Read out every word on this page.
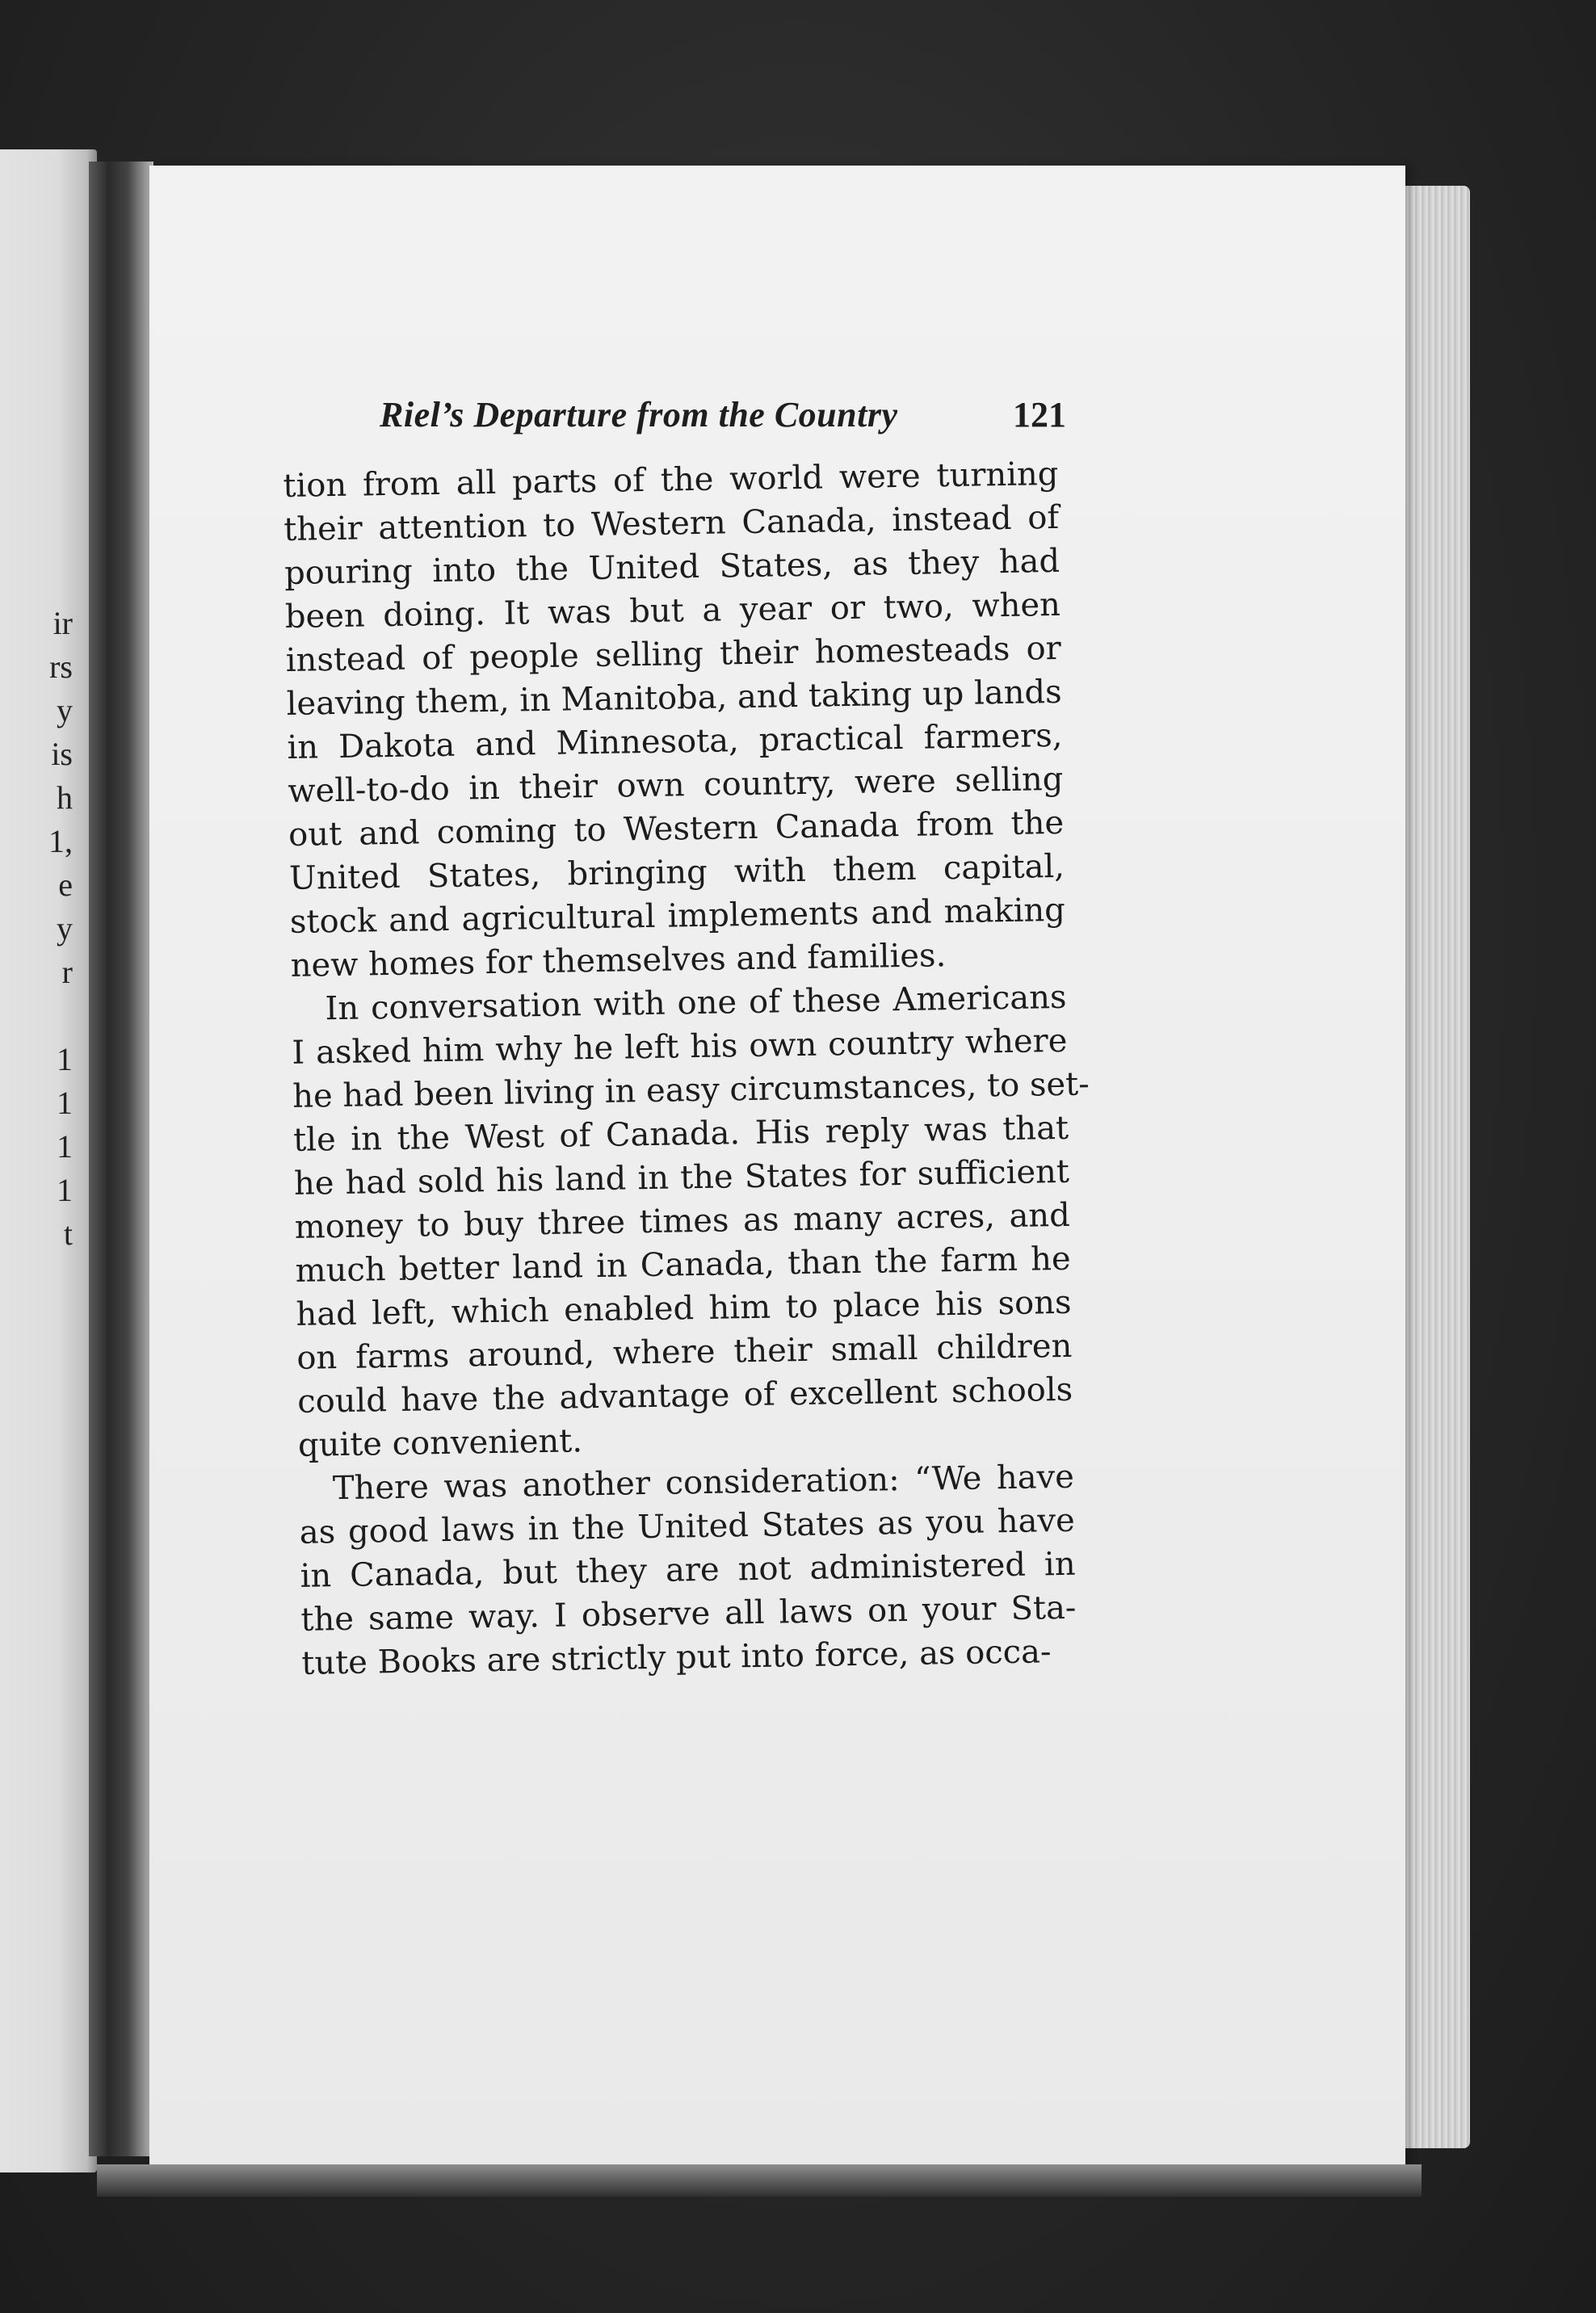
ir
rs
y
is
h
1,
e
y
r
1
1
1
1
t
Riel’s Departure from the Country	121
tion from all parts of the world were turning
their attention to Western Canada, instead of
pouring into the United States, as they had
been doing. It was but a year or two, when
instead of people selling their homesteads or
leaving them, in Manitoba, and taking up lands
in Dakota and Minnesota, practical farmers,
well-to-do in their own country, were selling
out and coming to Western Canada from the
United States, bringing with them capital,
stock and agricultural implements and making
new homes for themselves and families.
In conversation with one of these Americans
I asked him why he left his own country where
he had been living in easy circumstances, to set-
tle in the West of Canada. His reply was that
he had sold his land in the States for sufficient
money to buy three times as many acres, and
much better land in Canada, than the farm he
had left, which enabled him to place his sons
on farms around, where their small children
could have the advantage of excellent schools
quite convenient.
There was another consideration: “We have
as good laws in the United States as you have
in Canada, but they are not administered in
the same way. I observe all laws on your Sta-
tute Books are strictly put into force, as occa-
